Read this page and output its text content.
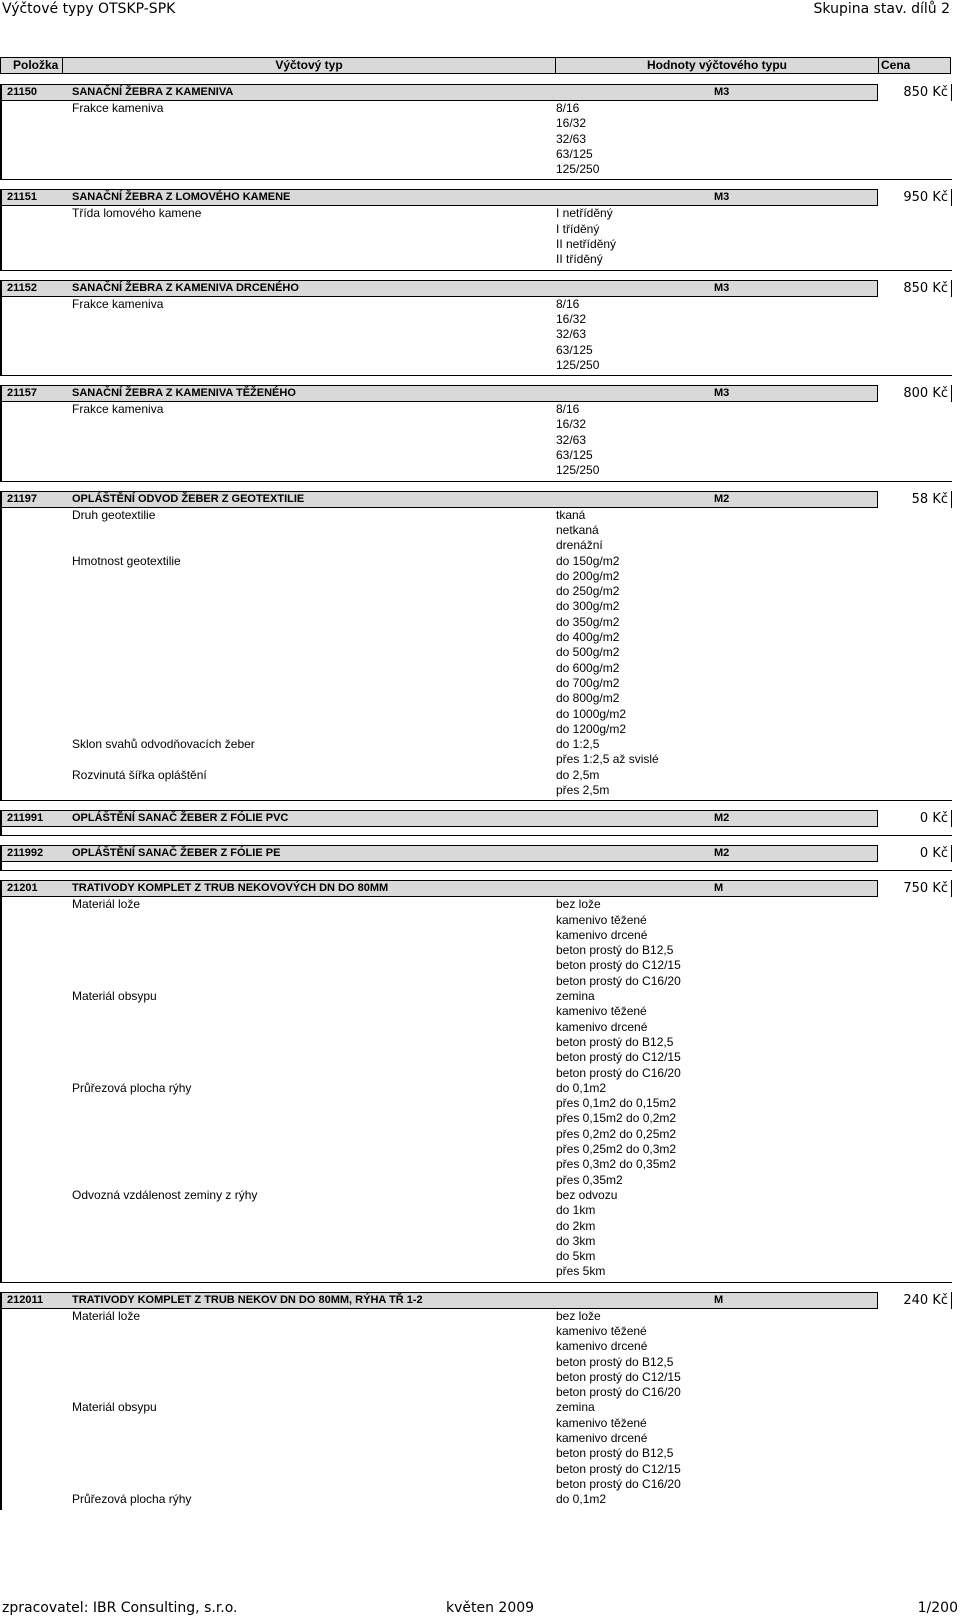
Výčtové typy OTSKP-SPK	Skupina stav. dílů 2
Položka	Výčtový typ	Hodnoty výčtového typu	Cena
21150	SANAČNÍ ŽEBRA Z KAMENIVA	M3	850 Kč
Frakce kameniva	8/16
16/32
32/63
63/125
125/250
21151	SANAČNÍ ŽEBRA Z LOMOVÉHO KAMENE	M3	950 Kč
Třída lomového kamene	I netříděný
I tříděný
II netříděný
II tříděný
21152	SANAČNÍ ŽEBRA Z KAMENIVA DRCENÉHO	M3	850 Kč
Frakce kameniva	8/16
16/32
32/63
63/125
125/250
21157	SANAČNÍ ŽEBRA Z KAMENIVA TĚŽENÉHO	M3	800 Kč
Frakce kameniva	8/16
16/32
32/63
63/125
125/250
21197	OPLÁŠTĚNÍ ODVOD ŽEBER Z GEOTEXTILIE	M2	58 Kč
Druh geotextilie	tkaná
netkaná
drenážní
Hmotnost geotextilie	do 150g/m2
do 200g/m2
do 250g/m2
do 300g/m2
do 350g/m2
do 400g/m2
do 500g/m2
do 600g/m2
do 700g/m2
do 800g/m2
do 1000g/m2
do 1200g/m2
Sklon svahů odvodňovacích žeber	do 1:2,5
přes 1:2,5 až svislé
Rozvinutá šířka opláštění	do 2,5m
přes 2,5m
211991	OPLÁŠTĚNÍ SANAČ ŽEBER Z FÓLIE PVC	M2	0 Kč
211992	OPLÁŠTĚNÍ SANAČ ŽEBER Z FÓLIE PE	M2	0 Kč
21201	TRATIVODY KOMPLET Z TRUB NEKOVOVÝCH DN DO 80MM	M	750 Kč
Materiál lože	bez lože
kamenivo těžené
kamenivo drcené
beton prostý do B12,5
beton prostý do C12/15
beton prostý do C16/20
Materiál obsypu	zemina
kamenivo těžené
kamenivo drcené
beton prostý do B12,5
beton prostý do C12/15
beton prostý do C16/20
Průřezová plocha rýhy	do 0,1m2
přes 0,1m2 do 0,15m2
přes 0,15m2 do 0,2m2
přes 0,2m2 do 0,25m2
přes 0,25m2 do 0,3m2
přes 0,3m2 do 0,35m2
přes 0,35m2
Odvozná vzdálenost zeminy z rýhy	bez odvozu
do 1km
do 2km
do 3km
do 5km
přes 5km
212011	TRATIVODY KOMPLET Z TRUB NEKOV DN DO 80MM, RÝHA TŘ 1-2	M	240 Kč
Materiál lože	bez lože
kamenivo těžené
kamenivo drcené
beton prostý do B12,5
beton prostý do C12/15
beton prostý do C16/20
Materiál obsypu	zemina
kamenivo těžené
kamenivo drcené
beton prostý do B12,5
beton prostý do C12/15
beton prostý do C16/20
Průřezová plocha rýhy	do 0,1m2
zpracovatel: IBR Consulting, s.r.o.	květen 2009	1/200
